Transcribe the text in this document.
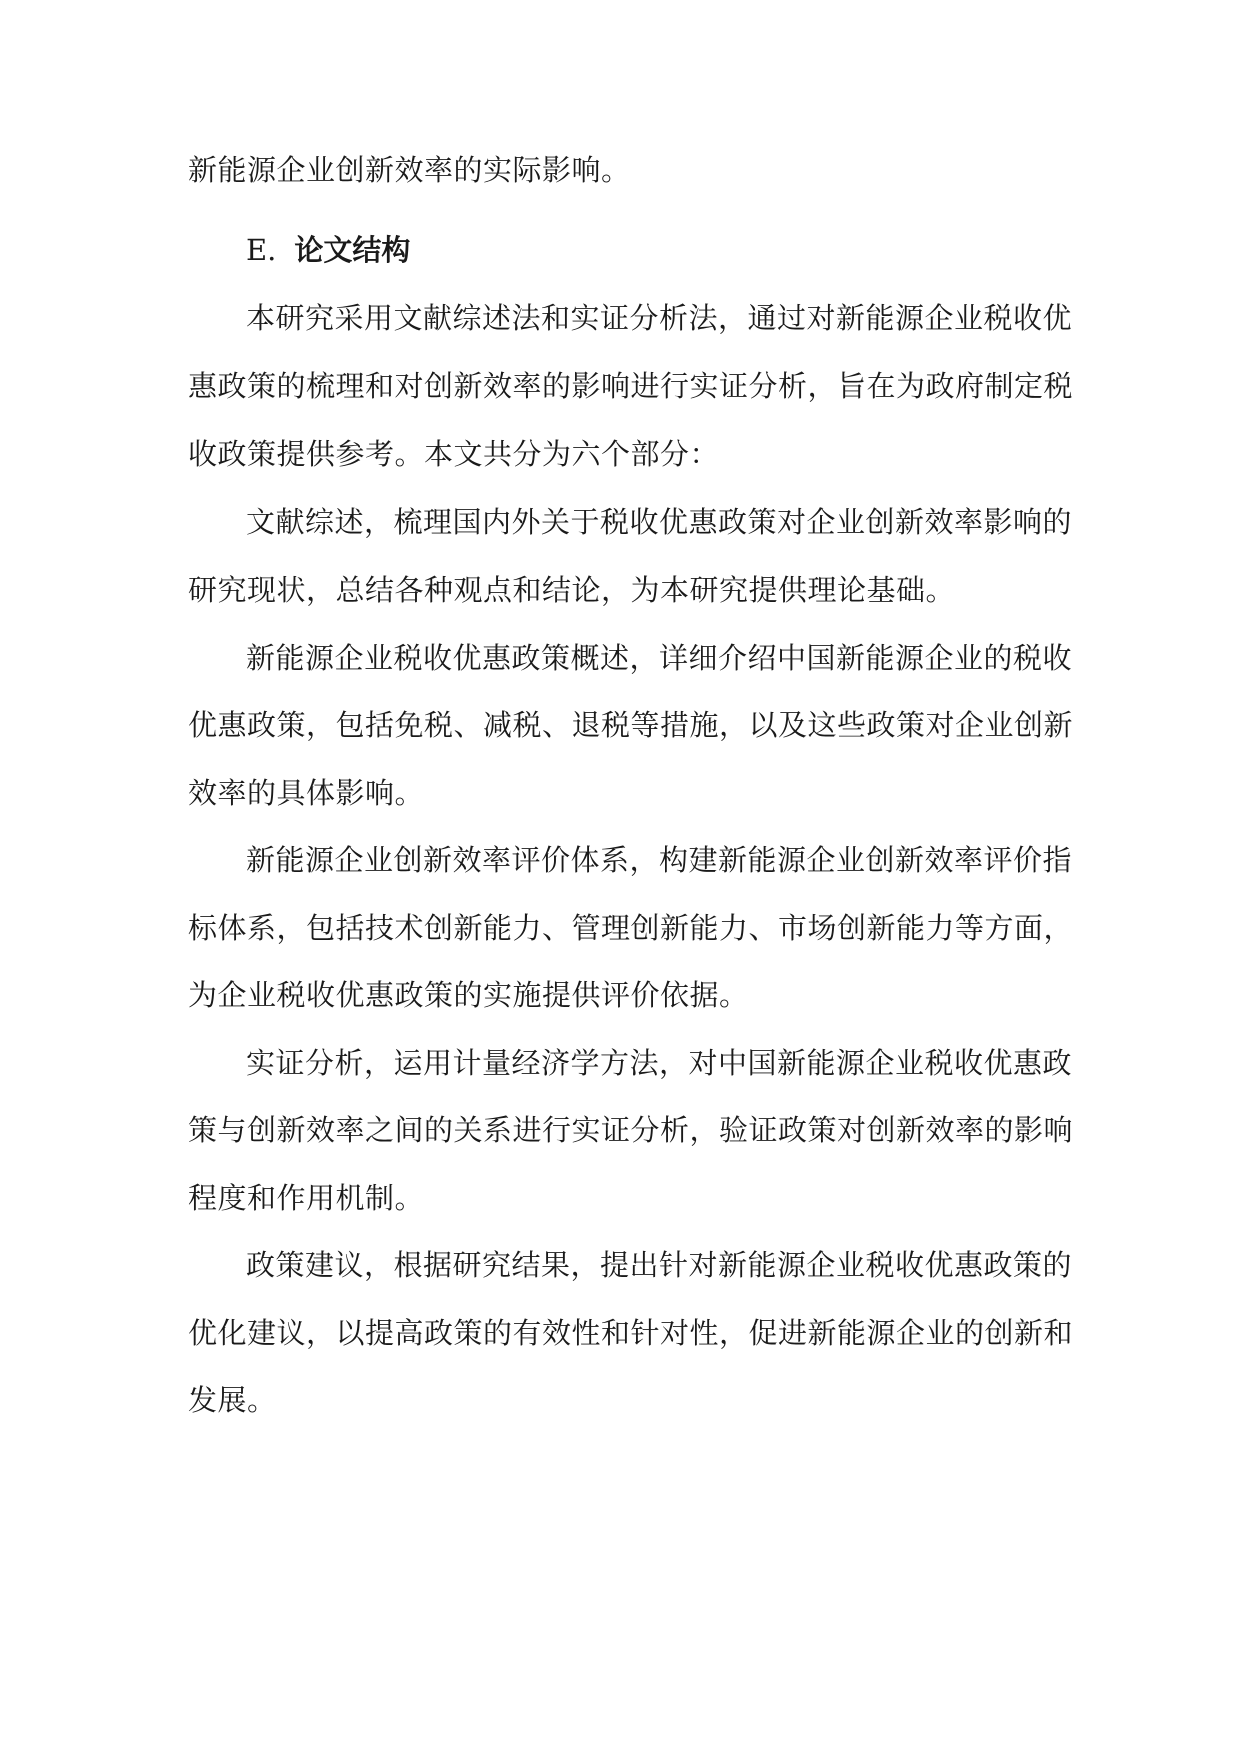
新能源企业创新效率的实际影响。
E. 论文结构
本研究采用文献综述法和实证分析法，通过对新能源企业税收优
惠政策的梳理和对创新效率的影响进行实证分析，旨在为政府制定税
收政策提供参考。本文共分为六个部分：
文献综述，梳理国内外关于税收优惠政策对企业创新效率影响的
研究现状，总结各种观点和结论，为本研究提供理论基础。
新能源企业税收优惠政策概述，详细介绍中国新能源企业的税收
优惠政策，包括免税、减税、退税等措施，以及这些政策对企业创新
效率的具体影响。
新能源企业创新效率评价体系，构建新能源企业创新效率评价指
标体系，包括技术创新能力、管理创新能力、市场创新能力等方面，
为企业税收优惠政策的实施提供评价依据。
实证分析，运用计量经济学方法，对中国新能源企业税收优惠政
策与创新效率之间的关系进行实证分析，验证政策对创新效率的影响
程度和作用机制。
政策建议，根据研究结果，提出针对新能源企业税收优惠政策的
优化建议，以提高政策的有效性和针对性，促进新能源企业的创新和
发展。
